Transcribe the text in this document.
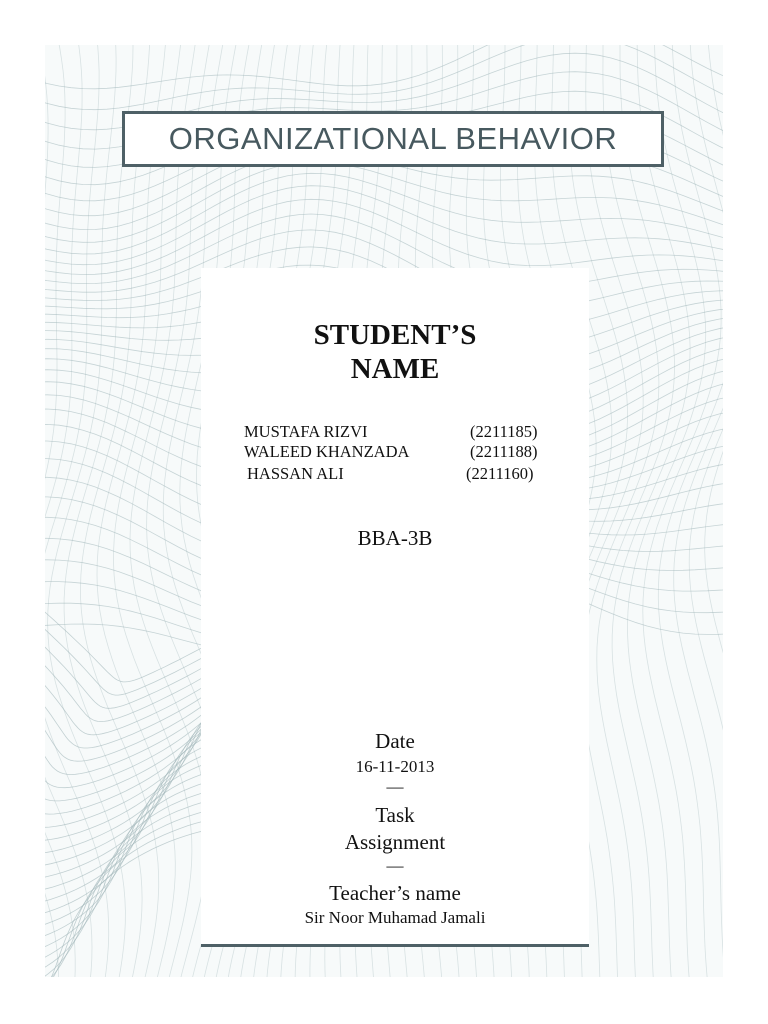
ORGANIZATIONAL BEHAVIOR
STUDENT’S
NAME
MUSTAFA RIZVI	(2211185)
WALEED KHANZADA	(2211188)
HASSAN ALI	(2211160)
BBA-3B
Date
16-11-2013
—
Task
Assignment
—
Teacher’s name
Sir Noor Muhamad Jamali
